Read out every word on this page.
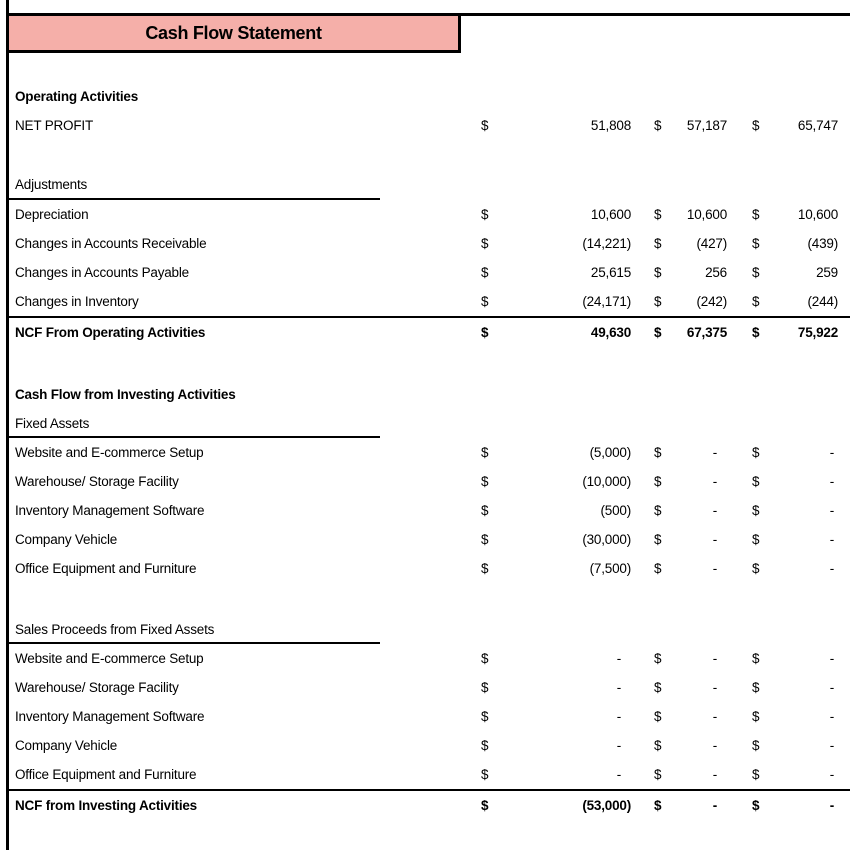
Cash Flow Statement
Operating Activities
NET PROFIT	$	51,808	$	57,187	$	65,747
Adjustments
Depreciation	$	10,600	$	10,600	$	10,600
Changes in Accounts Receivable	$	(14,221)	$	(427)	$	(439)
Changes in Accounts Payable	$	25,615	$	256	$	259
Changes in Inventory	$	(24,171)	$	(242)	$	(244)
NCF From Operating Activities	$	49,630	$	67,375	$	75,922
Cash Flow from Investing Activities
Fixed Assets
Website and E-commerce Setup	$	(5,000)	$	-	$	-
Warehouse/ Storage Facility	$	(10,000)	$	-	$	-
Inventory Management Software	$	(500)	$	-	$	-
Company Vehicle	$	(30,000)	$	-	$	-
Office Equipment and Furniture	$	(7,500)	$	-	$	-
Sales Proceeds from Fixed Assets
Website and E-commerce Setup	$	-	$	-	$	-
Warehouse/ Storage Facility	$	-	$	-	$	-
Inventory Management Software	$	-	$	-	$	-
Company Vehicle	$	-	$	-	$	-
Office Equipment and Furniture	$	-	$	-	$	-
NCF from Investing Activities	$	(53,000)	$	-	$	-
